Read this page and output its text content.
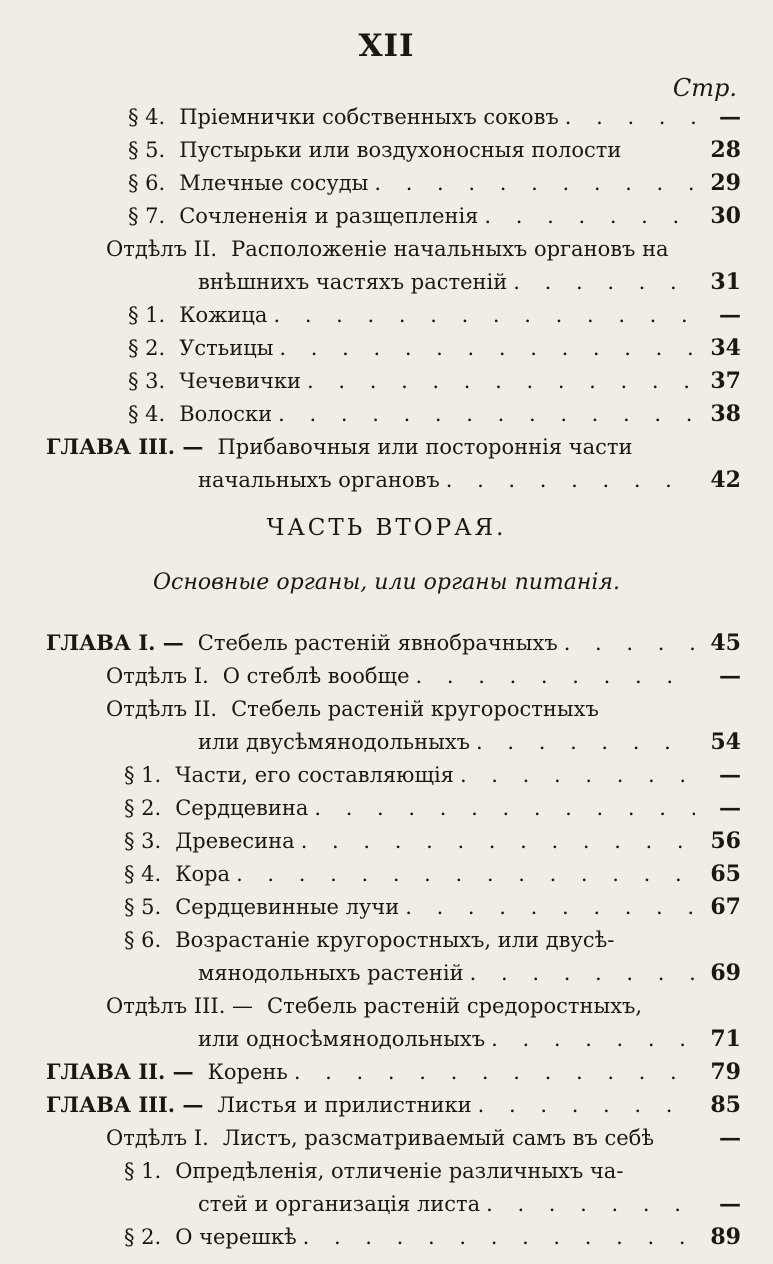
XII
Стр.
§ 4. Пріемнички собственныхъ соковъ . . .	—
§ 5. Пустырьки или воздухоносныя полости	28
§ 6. Млечные сосуды . . .	29
§ 7. Сочлененія и разщепленія . . .	30
Отдѣлъ II. Расположеніе начальныхъ органовъ на
внѣшнихъ частяхъ растеній . . .	31
§ 1. Кожица . . .	—
§ 2. Устьицы . . .	34
§ 3. Чечевички . . .	37
§ 4. Волоски . . .	38
ГЛАВА III. — Прибавочныя или постороннія части
начальныхъ органовъ . . .	42
ЧАСТЬ ВТОРАЯ.
Основные органы, или органы питанія.
ГЛАВА I. — Стебель растеній явнобрачныхъ . . .	45
Отдѣлъ I. О стеблѣ вообще . . .	—
Отдѣлъ II. Стебель растеній кругоростныхъ
или двусѣмянодольныхъ . . .	54
§ 1. Части, его составляющія . . .	—
§ 2. Сердцевина . . .	—
§ 3. Древесина . . .	56
§ 4. Кора . . .	65
§ 5. Сердцевинные лучи . . .	67
§ 6. Возрастаніе кругоростныхъ, или двусѣ-
мянодольныхъ растеній . . .	69
Отдѣлъ III. — Стебель растеній средоростныхъ,
или односѣмянодольныхъ . . .	71
ГЛАВА II. — Корень . . .	79
ГЛАВА III. — Листья и прилистники . . .	85
Отдѣлъ I. Листъ, разсматриваемый самъ въ себѣ	—
§ 1. Опредѣленія, отличеніе различныхъ ча-
стей и организація листа . . .	—
§ 2. О черешкѣ . . .	89
